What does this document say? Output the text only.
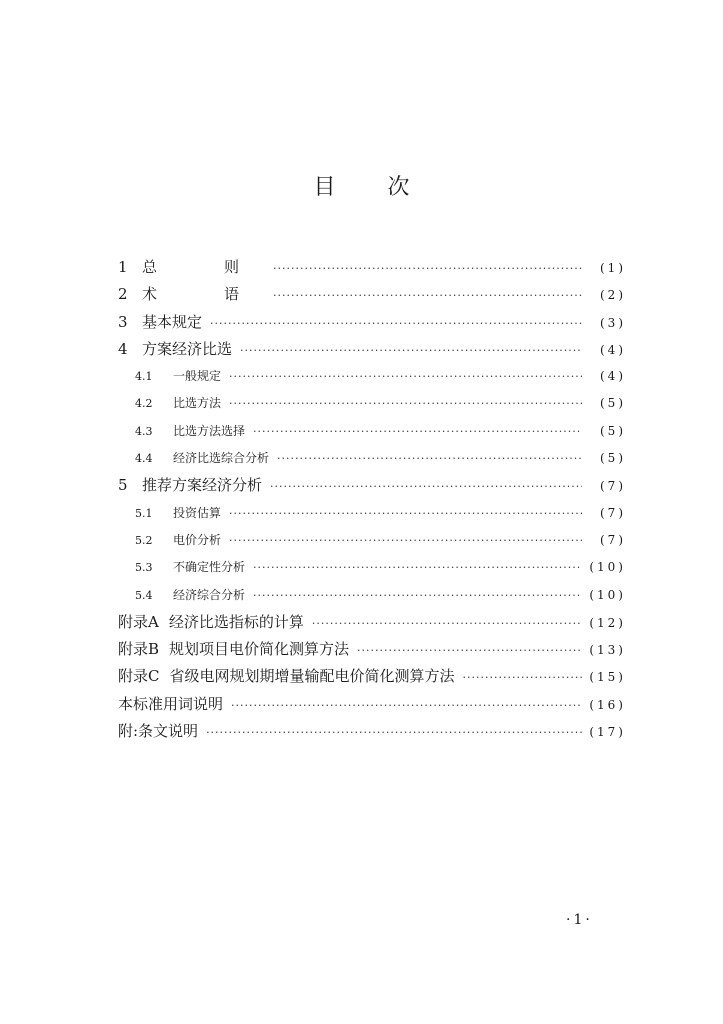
目 次
1 总　则 ·····	(1)
2 术　语 ·····	(2)
3 基本规定 ·····	(3)
4 方案经济比选 ·····	(4)
4.1	一般规定 ·····	(4)
4.2	比选方法 ·····	(5)
4.3	比选方法选择 ·····	(5)
4.4	经济比选综合分析 ·····	(5)
5 推荐方案经济分析 ·····	(7)
5.1	投资估算 ·····	(7)
5.2	电价分析 ·····	(7)
5.3	不确定性分析 ·····	(10)
5.4	经济综合分析 ·····	(10)
附录A 经济比选指标的计算 ·····	(12)
附录B 规划项目电价简化测算方法 ·····	(13)
附录C 省级电网规划期增量输配电价简化测算方法 ·····	(15)
本标准用词说明 ·····	(16)
附:条文说明 ·····	(17)
·1·
